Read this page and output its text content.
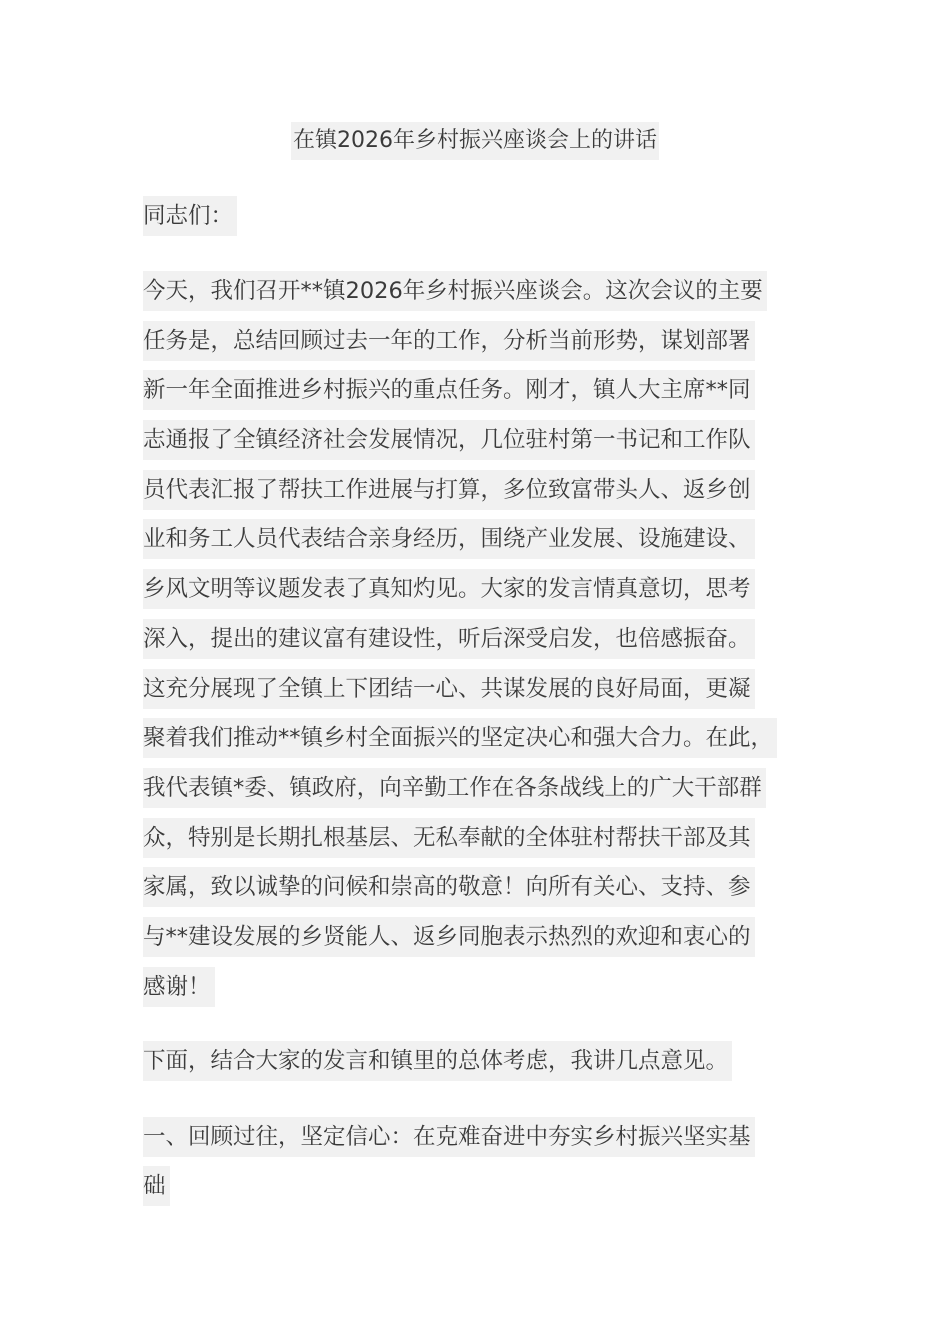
在镇2026年乡村振兴座谈会上的讲话
同志们：
今天，我们召开**镇2026年乡村振兴座谈会。这次会议的主要
任务是，总结回顾过去一年的工作，分析当前形势，谋划部署
新一年全面推进乡村振兴的重点任务。刚才，镇人大主席**同
志通报了全镇经济社会发展情况，几位驻村第一书记和工作队
员代表汇报了帮扶工作进展与打算，多位致富带头人、返乡创
业和务工人员代表结合亲身经历，围绕产业发展、设施建设、
乡风文明等议题发表了真知灼见。大家的发言情真意切，思考
深入，提出的建议富有建设性，听后深受启发，也倍感振奋。
这充分展现了全镇上下团结一心、共谋发展的良好局面，更凝
聚着我们推动**镇乡村全面振兴的坚定决心和强大合力。在此，
我代表镇*委、镇政府，向辛勤工作在各条战线上的广大干部群
众，特别是长期扎根基层、无私奉献的全体驻村帮扶干部及其
家属，致以诚挚的问候和崇高的敬意！向所有关心、支持、参
与**建设发展的乡贤能人、返乡同胞表示热烈的欢迎和衷心的
感谢！
下面，结合大家的发言和镇里的总体考虑，我讲几点意见。
一、回顾过往，坚定信心：在克难奋进中夯实乡村振兴坚实基
础
